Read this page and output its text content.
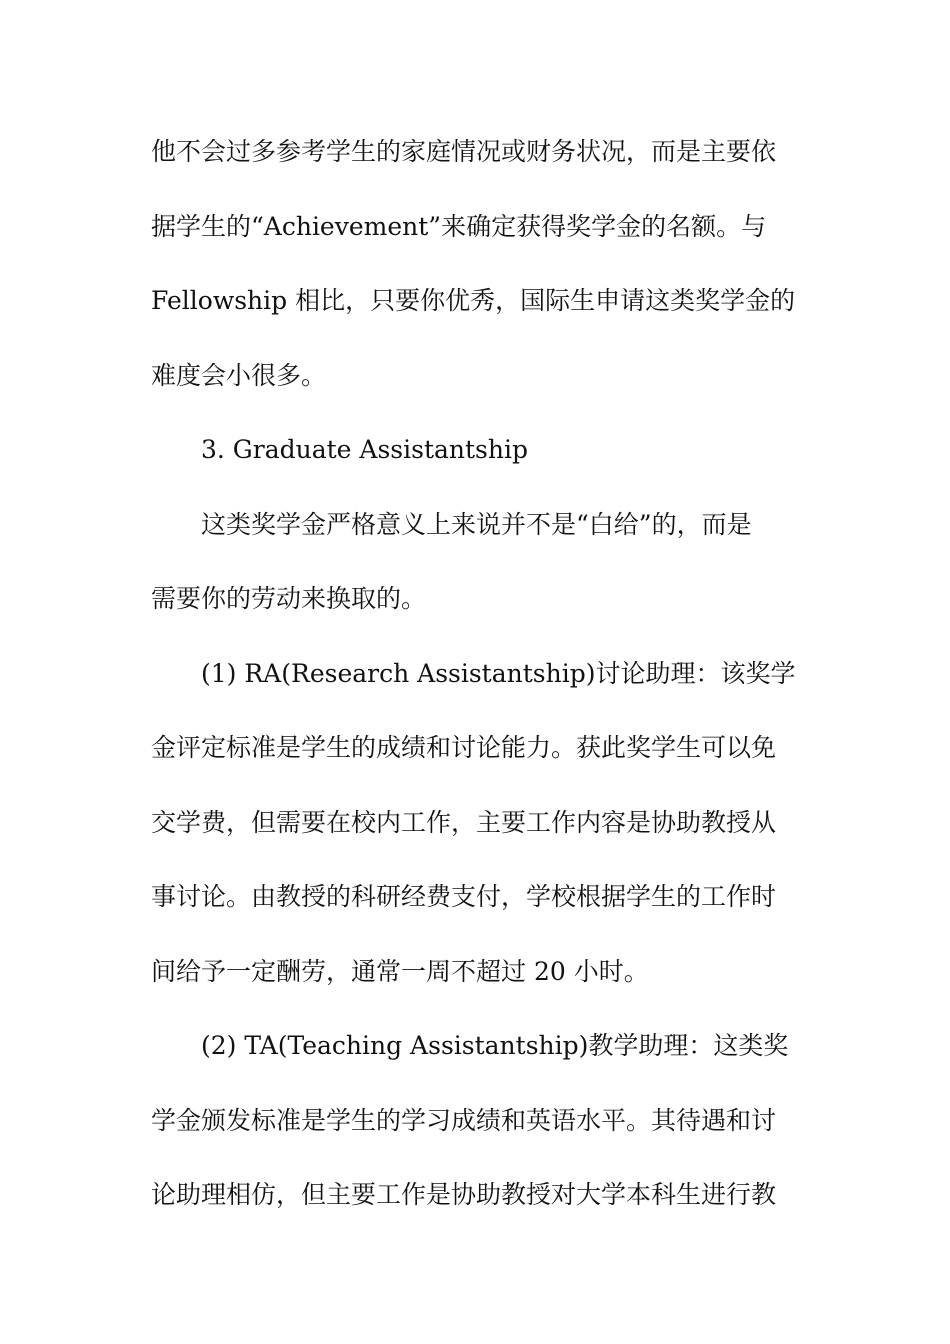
他不会过多参考学生的家庭情况或财务状况，而是主要依
据学生的“Achievement”来确定获得奖学金的名额。与
Fellowship 相比，只要你优秀，国际生申请这类奖学金的
难度会小很多。
3. Graduate Assistantship
这类奖学金严格意义上来说并不是“白给”的，而是
需要你的劳动来换取的。
(1) RA(Research Assistantship)讨论助理：该奖学
金评定标准是学生的成绩和讨论能力。获此奖学生可以免
交学费，但需要在校内工作，主要工作内容是协助教授从
事讨论。由教授的科研经费支付，学校根据学生的工作时
间给予一定酬劳，通常一周不超过 20 小时。
(2) TA(Teaching Assistantship)教学助理：这类奖
学金颁发标准是学生的学习成绩和英语水平。其待遇和讨
论助理相仿，但主要工作是协助教授对大学本科生进行教
